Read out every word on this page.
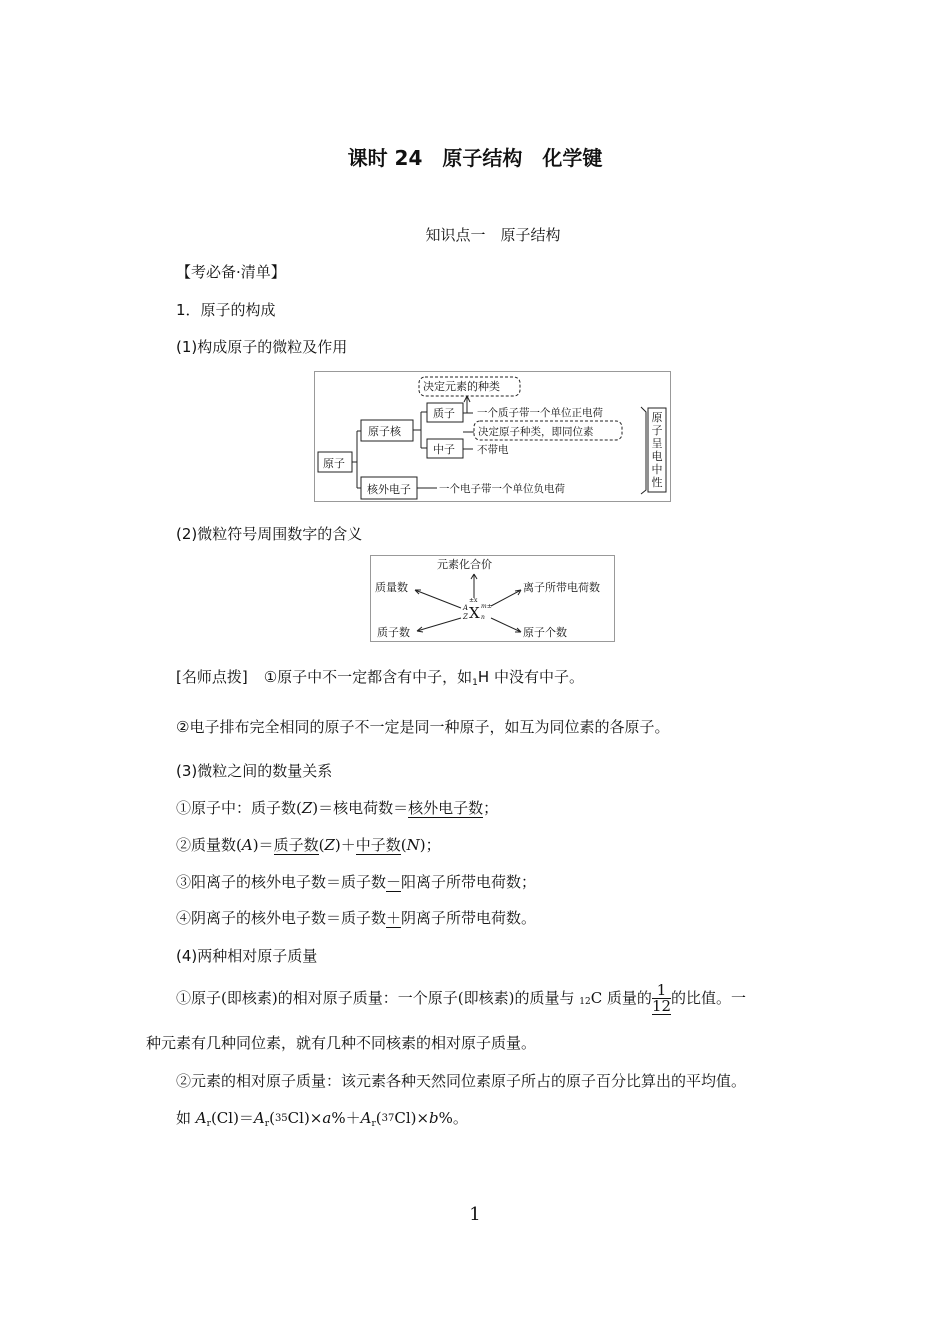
课时 24　原子结构　化学键
知识点一　原子结构
【考必备·清单】
1．原子的构成
(1)构成原子的微粒及作用
原子
原子核
核外电子
质子
中子
决定元素的种类
一个质子带一个单位正电荷
决定原子种类，即同位素
不带电
一个电子带一个单位负电荷
原
子
呈
电
中
性
(2)微粒符号周围数字的含义
元素化合价
质量数	离子所带电荷数
质子数	原子个数
A
Z X
±x
m±
n
[名师点拨] ①原子中不一定都含有中子，如$_1$H 中没有中子。
②电子排布完全相同的原子不一定是同一种原子，如互为同位素的各原子。
(3)微粒之间的数量关系
①原子中：质子数(Z)＝核电荷数＝核外电子数；
②质量数(A)＝质子数(Z)＋中子数(N)；
③阳离子的核外电子数＝质子数－阳离子所带电荷数；
④阴离子的核外电子数＝质子数＋阴离子所带电荷数。
(4)两种相对原子质量
①原子(即核素)的相对原子质量：一个原子(即核素)的质量与 12C 质量的 $\frac{1}{12}$ 的比值。一
种元素有几种同位素，就有几种不同核素的相对原子质量。
②元素的相对原子质量：该元素各种天然同位素原子所占的原子百分比算出的平均值。
如 $A_r(Cl)=A_r(35Cl)\times a\%+A_r(37Cl)\times b\%$。
1
